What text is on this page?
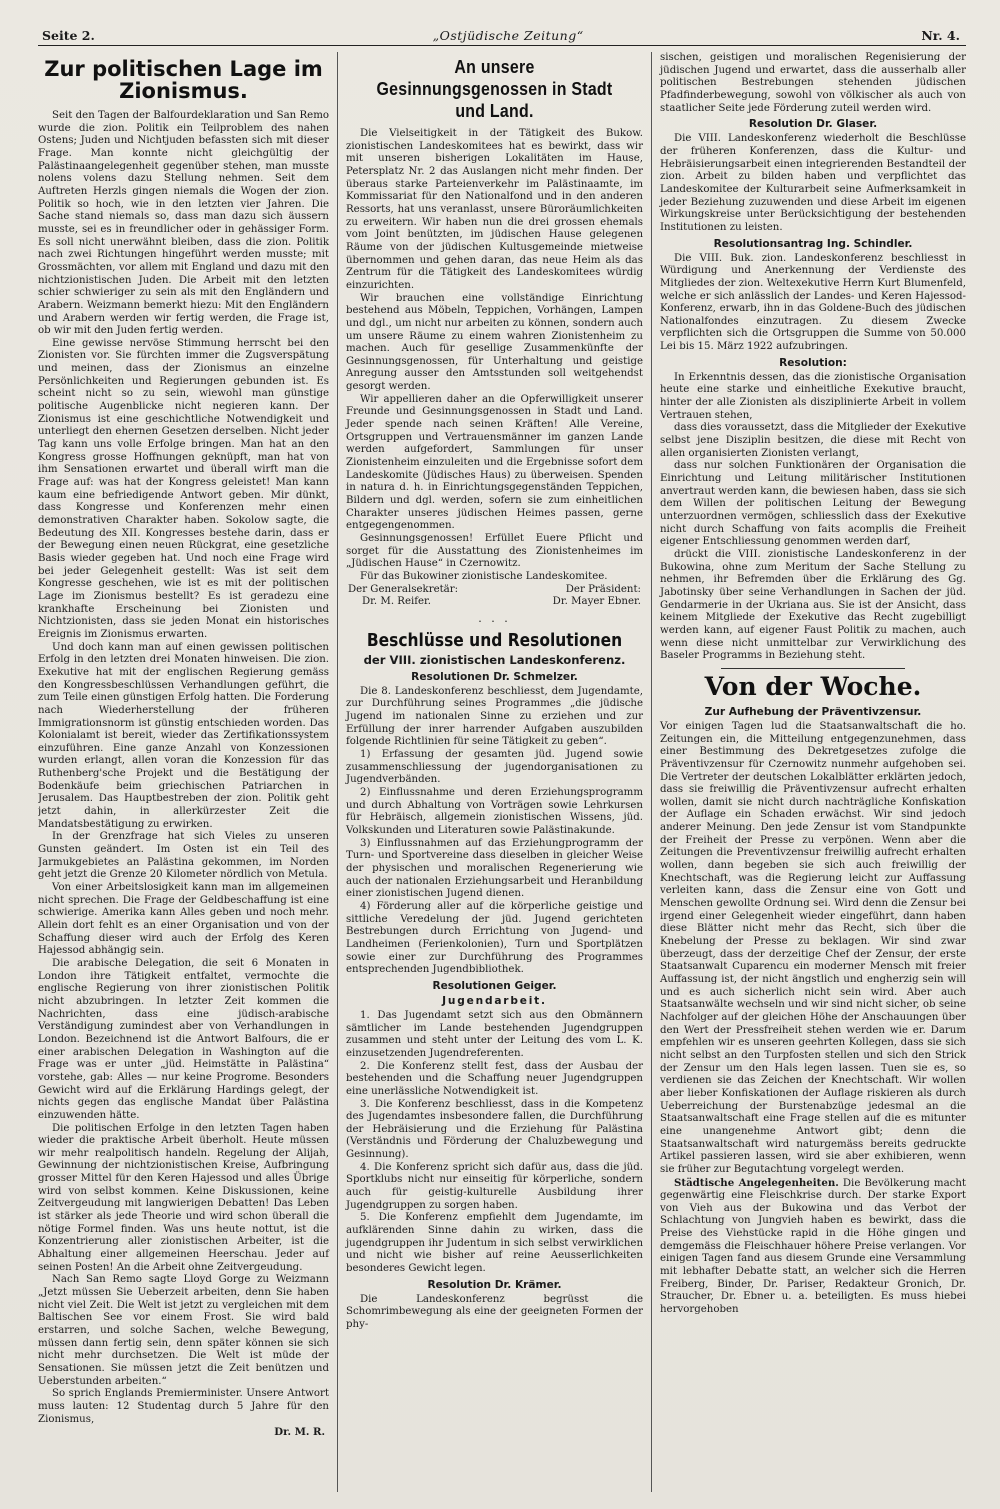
Seite 2.	„Ostjüdische Zeitung“	Nr. 4.
Zur politischen Lage im Zionismus.

Seit den Tagen der Balfourdeklaration und San Remo wurde die zion. Politik ein Teilproblem des nahen Ostens; Juden und Nichtjuden befassten sich mit dieser Frage. Man konnte nicht gleichgültig der Palästinaangelegenheit gegenüber stehen, man musste nolens volens dazu Stellung nehmen. Seit dem Auftreten Herzls gingen niemals die Wogen der zion. Politik so hoch, wie in den letzten vier Jahren. Die Sache stand niemals so, dass man dazu sich äussern musste, sei es in freundlicher oder in gehässiger Form. Es soll nicht unerwähnt bleiben, dass die zion. Politik nach zwei Richtungen hingeführt werden musste; mit Grossmächten, vor allem mit England und dazu mit den nichtzionistischen Juden. Die Arbeit mit den letzten schier schwieriger zu sein als mit den Engländern und Arabern. Weizmann bemerkt hiezu: Mit den Engländern und Arabern werden wir fertig werden, die Frage ist, ob wir mit den Juden fertig werden.

Eine gewisse nervöse Stimmung herrscht bei den Zionisten vor. Sie fürchten immer die Zugsverspätung und meinen, dass der Zionismus an einzelne Persönlichkeiten und Regierungen gebunden ist. Es scheint nicht so zu sein, wiewohl man günstige politische Augenblicke nicht negieren kann. Der Zionismus ist eine geschichtliche Notwendigkeit und unterliegt den ehernen Gesetzen derselben. Nicht jeder Tag kann uns volle Erfolge bringen. Man hat an den Kongress grosse Hoffnungen geknüpft, man hat von ihm Sensationen erwartet und überall wirft man die Frage auf: was hat der Kongress geleistet! Man kann kaum eine befriedigende Antwort geben. Mir dünkt, dass Kongresse und Konferenzen mehr einen demonstrativen Charakter haben. Sokolow sagte, die Bedeutung des XII. Kongresses bestehe darin, dass er der Bewegung einen neuen Rückgrat, eine gesetzliche Basis wieder gegeben hat. Und noch eine Frage wird bei jeder Gelegenheit gestellt: Was ist seit dem Kongresse geschehen, wie ist es mit der politischen Lage im Zionismus bestellt? Es ist geradezu eine krankhafte Erscheinung bei Zionisten und Nichtzionisten, dass sie jeden Monat ein historisches Ereignis im Zionismus erwarten.

Und doch kann man auf einen gewissen politischen Erfolg in den letzten drei Monaten hinweisen. Die zion. Exekutive hat mit der englischen Regierung gemäss den Kongressbeschlüssen Verhandlungen geführt, die zum Teile einen günstigen Erfolg hatten. Die Forderung nach Wiederherstellung der früheren Immigrationsnorm ist günstig entschieden worden. Das Kolonialamt ist bereit, wieder das Zertifikationssystem einzuführen. Eine ganze Anzahl von Konzessionen wurden erlangt, allen voran die Konzession für das Ruthenberg'sche Projekt und die Bestätigung der Bodenkäufe beim griechischen Patriarchen in Jerusalem. Das Hauptbestreben der zion. Politik geht jetzt dahin, in allerkürzester Zeit die Mandatsbestätigung zu erwirken.

In der Grenzfrage hat sich Vieles zu unseren Gunsten geändert. Im Osten ist ein Teil des Jarmukgebietes an Palästina gekommen, im Norden geht jetzt die Grenze 20 Kilometer nördlich von Metula.

Von einer Arbeitslosigkeit kann man im allgemeinen nicht sprechen. Die Frage der Geldbeschaffung ist eine schwierige. Amerika kann Alles geben und noch mehr. Allein dort fehlt es an einer Organisation und von der Schaffung dieser wird auch der Erfolg des Keren Hajessod abhängig sein.

Die arabische Delegation, die seit 6 Monaten in London ihre Tätigkeit entfaltet, vermochte die englische Regierung von ihrer zionistischen Politik nicht abzubringen. In letzter Zeit kommen die Nachrichten, dass eine jüdisch-arabische Verständigung zumindest aber von Verhandlungen in London. Bezeichnend ist die Antwort Balfours, die er einer arabischen Delegation in Washington auf die Frage was er unter „jüd. Heimstätte in Palästina“ vorstehe, gab: Alles — nur keine Progrome. Besonders Gewicht wird auf die Erklärung Hardings gelegt, der nichts gegen das englische Mandat über Palästina einzuwenden hätte.

Die politischen Erfolge in den letzten Tagen haben wieder die praktische Arbeit überholt. Heute müssen wir mehr realpolitisch handeln. Regelung der Alijah, Gewinnung der nichtzionistischen Kreise, Aufbringung grosser Mittel für den Keren Hajessod und alles Übrige wird von selbst kommen. Keine Diskussionen, keine Zeitvergeudung mit langwierigen Debatten! Das Leben ist stärker als jede Theorie und wird schon überall die nötige Formel finden. Was uns heute nottut, ist die Konzentrierung aller zionistischen Arbeiter, ist die Abhaltung einer allgemeinen Heerschau. Jeder auf seinen Posten! An die Arbeit ohne Zeitvergeudung.

Nach San Remo sagte Lloyd Gorge zu Weizmann „Jetzt müssen Sie Ueberzeit arbeiten, denn Sie haben nicht viel Zeit. Die Welt ist jetzt zu vergleichen mit dem Baltischen See vor einem Frost. Sie wird bald erstarren, und solche Sachen, welche Bewegung, müssen dann fertig sein, denn später können sie sich nicht mehr durchsetzen. Die Welt ist müde der Sensationen. Sie müssen jetzt die Zeit benützen und Ueberstunden arbeiten.“

So sprich Englands Premierminister. Unsere Antwort muss lauten: 12 Studentag durch 5 Jahre für den Zionismus,

Dr. M. R.
An unsere Gesinnungsgenossen in Stadt und Land.

Die Vielseitigkeit in der Tätigkeit des Bukow. zionistischen Landeskomitees hat es bewirkt, dass wir mit unseren bisherigen Lokalitäten im Hause, Petersplatz Nr. 2 das Auslangen nicht mehr finden. Der überaus starke Parteienverkehr im Palästinaamte, im Kommissariat für den Nationalfond und in den anderen Ressorts, hat uns veranlasst, unsere Büroräumlichkeiten zu erweitern. Wir haben nun die drei grossen ehemals vom Joint benützten, im jüdischen Hause gelegenen Räume von der jüdischen Kultusgemeinde mietweise übernommen und gehen daran, das neue Heim als das Zentrum für die Tätigkeit des Landeskomitees würdig einzurichten.

Wir brauchen eine vollständige Einrichtung bestehend aus Möbeln, Teppichen, Vorhängen, Lampen und dgl., um nicht nur arbeiten zu können, sondern auch um unsere Räume zu einem wahren Zionistenheim zu machen. Auch für gesellige Zusammenkünfte der Gesinnungsgenossen, für Unterhaltung und geistige Anregung ausser den Amtsstunden soll weitgehendst gesorgt werden.

Wir appellieren daher an die Opferwilligkeit unserer Freunde und Gesinnungsgenossen in Stadt und Land. Jeder spende nach seinen Kräften! Alle Vereine, Ortsgruppen und Vertrauensmänner im ganzen Lande werden aufgefordert, Sammlungen für unser Zionistenheim einzuleiten und die Ergebnisse sofort dem Landeskomite (Jüdisches Haus) zu überweisen. Spenden in natura d. h. in Einrichtungsgegenständen Teppichen, Bildern und dgl. werden, sofern sie zum einheitlichen Charakter unseres jüdischen Heimes passen, gerne entgegengenommen.

Gesinnungsgenossen! Erfüllet Euere Pflicht und sorget für die Ausstattung des Zionistenheimes im „Jüdischen Hause“ in Czernowitz.

Für das Bukowiner zionistische Landeskomitee.

Der Generalsekretär:	Der Präsident:
Dr. M. Reifer.	Dr. Mayer Ebner.
. . .
Beschlüsse und Resolutionen
der VIII. zionistischen Landeskonferenz.
Resolutionen Dr. Schmelzer.

Die 8. Landeskonferenz beschliesst, dem Jugendamte, zur Durchführung seines Programmes „die jüdische Jugend im nationalen Sinne zu erziehen und zur Erfüllung der inrer harrender Aufgaben auszubilden folgende Richtlinien für seine Tätigkeit zu geben“.

1) Erfassung der gesamten jüd. Jugend sowie zusammenschliessung der jugendorganisationen zu Jugendverbänden.

2) Einflussnahme und deren Erziehungsprogramm und durch Abhaltung von Vorträgen sowie Lehrkursen für Hebräisch, allgemein zionistischen Wissens, jüd. Volkskunden und Literaturen sowie Palästinakunde.

3) Einflussnahmen auf das Erziehungprogramm der Turn- und Sportvereine dass dieselben in gleicher Weise der physischen und moralischen Regenerierung wie auch der nationalen Erziehungsarbeit und Heranbildung einer zionistischen Jugend dienen.

4) Förderung aller auf die körperliche geistige und sittliche Veredelung der jüd. Jugend gerichteten Bestrebungen durch Errichtung von Jugend- und Landheimen (Ferienkolonien), Turn und Sportplätzen sowie einer zur Durchführung des Programmes entsprechenden Jugendbibliothek.

Resolutionen Geiger.
Jugendarbeit.

1. Das Jugendamt setzt sich aus den Obmännern sämtlicher im Lande bestehenden Jugendgruppen zusammen und steht unter der Leitung des vom L. K. einzusetzenden Jugendreferenten.

2. Die Konferenz stellt fest, dass der Ausbau der bestehenden und die Schaffung neuer Jugendgruppen eine unerlässliche Notwendigkeit ist.

3. Die Konferenz beschliesst, dass in die Kompetenz des Jugendamtes insbesondere fallen, die Durchführung der Hebräisierung und die Erziehung für Palästina (Verständnis und Förderung der Chaluzbewegung und Gesinnung).

4. Die Konferenz spricht sich dafür aus, dass die jüd. Sportklubs nicht nur einseitig für körperliche, sondern auch für geistig-kulturelle Ausbildung ihrer Jugendgruppen zu sorgen haben.

5. Die Konferenz empfiehlt dem Jugendamte, im aufklärenden Sinne dahin zu wirken, dass die jugendgruppen ihr Judentum in sich selbst verwirklichen und nicht wie bisher auf reine Aeusserlichkeiten besonderes Gewicht legen.

Resolution Dr. Krämer.

Die Landeskonferenz begrüsst die Schomrimbewegung als eine der geeigneten Formen der phy-

sischen, geistigen und moralischen Regenisierung der jüdischen Jugend und erwartet, dass die ausserhalb aller politischen Bestrebungen stehenden jüdischen Pfadfinderbewegung, sowohl von völkischer als auch von staatlicher Seite jede Förderung zuteil werden wird.

Resolution Dr. Glaser.

Die VIII. Landeskonferenz wiederholt die Beschlüsse der früheren Konferenzen, dass die Kultur- und Hebräisierungsarbeit einen integrierenden Bestandteil der zion. Arbeit zu bilden haben und verpflichtet das Landeskomitee der Kulturarbeit seine Aufmerksamkeit in jeder Beziehung zuzuwenden und diese Arbeit im eigenen Wirkungskreise unter Berücksichtigung der bestehenden Institutionen zu leisten.

Resolutionsantrag Ing. Schindler.

Die VIII. Buk. zion. Landeskonferenz beschliesst in Würdigung und Anerkennung der Verdienste des Mitgliedes der zion. Weltexekutive Herrn Kurt Blumenfeld, welche er sich anlässlich der Landes- und Keren Hajessod-Konferenz, erwarb, ihn in das Goldene-Buch des jüdischen Nationalfondes einzutragen. Zu diesem Zwecke verpflichten sich die Ortsgruppen die Summe von 50.000 Lei bis 15. März 1922 aufzubringen.

Resolution:

In Erkenntnis dessen, das die zionistische Organisation heute eine starke und einheitliche Exekutive braucht, hinter der alle Zionisten als disziplinierte Arbeit in vollem Vertrauen stehen,

dass dies voraussetzt, dass die Mitglieder der Exekutive selbst jene Disziplin besitzen, die diese mit Recht von allen organisierten Zionisten verlangt,

dass nur solchen Funktionären der Organisation die Einrichtung und Leitung militärischer Institutionen anvertraut werden kann, die bewiesen haben, dass sie sich dem Willen der politischen Leitung der Bewegung unterzuordnen vermögen, schliesslich dass der Exekutive nicht durch Schaffung von faits acomplis die Freiheit eigener Entschliessung genommen werden darf,

drückt die VIII. zionistische Landeskonferenz in der Bukowina, ohne zum Meritum der Sache Stellung zu nehmen, ihr Befremden über die Erklärung des Gg. Jabotinsky über seine Verhandlungen in Sachen der jüd. Gendarmerie in der Ukriana aus. Sie ist der Ansicht, dass keinem Mitgliede der Exekutive das Recht zugebilligt werden kann, auf eigener Faust Politik zu machen, auch wenn diese nicht unmittelbar zur Verwirklichung des Baseler Programms in Beziehung steht.

Von der Woche.
Zur Aufhebung der Präventivzensur.

Vor einigen Tagen lud die Staatsanwaltschaft die ho. Zeitungen ein, die Mitteilung entgegenzunehmen, dass einer Bestimmung des Dekretgesetzes zufolge die Präventivzensur für Czernowitz nunmehr aufgehoben sei. Die Vertreter der deutschen Lokalblätter erklärten jedoch, dass sie freiwillig die Präventivzensur aufrecht erhalten wollen, damit sie nicht durch nachträgliche Konfiskation der Auflage ein Schaden erwächst. Wir sind jedoch anderer Meinung. Den jede Zensur ist vom Standpunkte der Freiheit der Presse zu verpönen. Wenn aber die Zeitungen die Preventivzensur freiwillig aufrecht erhalten wollen, dann begeben sie sich auch freiwillig der Knechtschaft, was die Regierung leicht zur Auffassung verleiten kann, dass die Zensur eine von Gott und Menschen gewollte Ordnung sei. Wird denn die Zensur bei irgend einer Gelegenheit wieder eingeführt, dann haben diese Blätter nicht mehr das Recht, sich über die Knebelung der Presse zu beklagen. Wir sind zwar überzeugt, dass der derzeitige Chef der Zensur, der erste Staatsanwalt Cuparencu ein moderner Mensch mit freier Auffassung ist, der nicht ängstlich und engherzig sein will und es auch sicherlich nicht sein wird. Aber auch Staatsanwälte wechseln und wir sind nicht sicher, ob seine Nachfolger auf der gleichen Höhe der Anschauungen über den Wert der Pressfreiheit stehen werden wie er. Darum empfehlen wir es unseren geehrten Kollegen, dass sie sich nicht selbst an den Turpfosten stellen und sich den Strick der Zensur um den Hals legen lassen. Tuen sie es, so verdienen sie das Zeichen der Knechtschaft. Wir wollen aber lieber Konfiskationen der Auflage riskieren als durch Ueberreichung der Burstenabzüge jedesmal an die Staatsanwaltschaft eine Frage stellen auf die es mitunter eine unangenehme Antwort gibt; denn die Staatsanwaltschaft wird naturgemäss bereits gedruckte Artikel passieren lassen, wird sie aber exhibieren, wenn sie früher zur Begutachtung vorgelegt werden.

Städtische Angelegenheiten. Die Bevölkerung macht gegenwärtig eine Fleischkrise durch. Der starke Export von Vieh aus der Bukowina und das Verbot der Schlachtung von Jungvieh haben es bewirkt, dass die Preise des Viehstücke rapid in die Höhe gingen und demgemäss die Fleischhauer höhere Preise verlangen. Vor einigen Tagen fand aus diesem Grunde eine Versammlung mit lebhafter Debatte statt, an welcher sich die Herren Freiberg, Binder, Dr. Pariser, Redakteur Gronich, Dr. Straucher, Dr. Ebner u. a. beteiligten. Es muss hiebei hervorgehoben
